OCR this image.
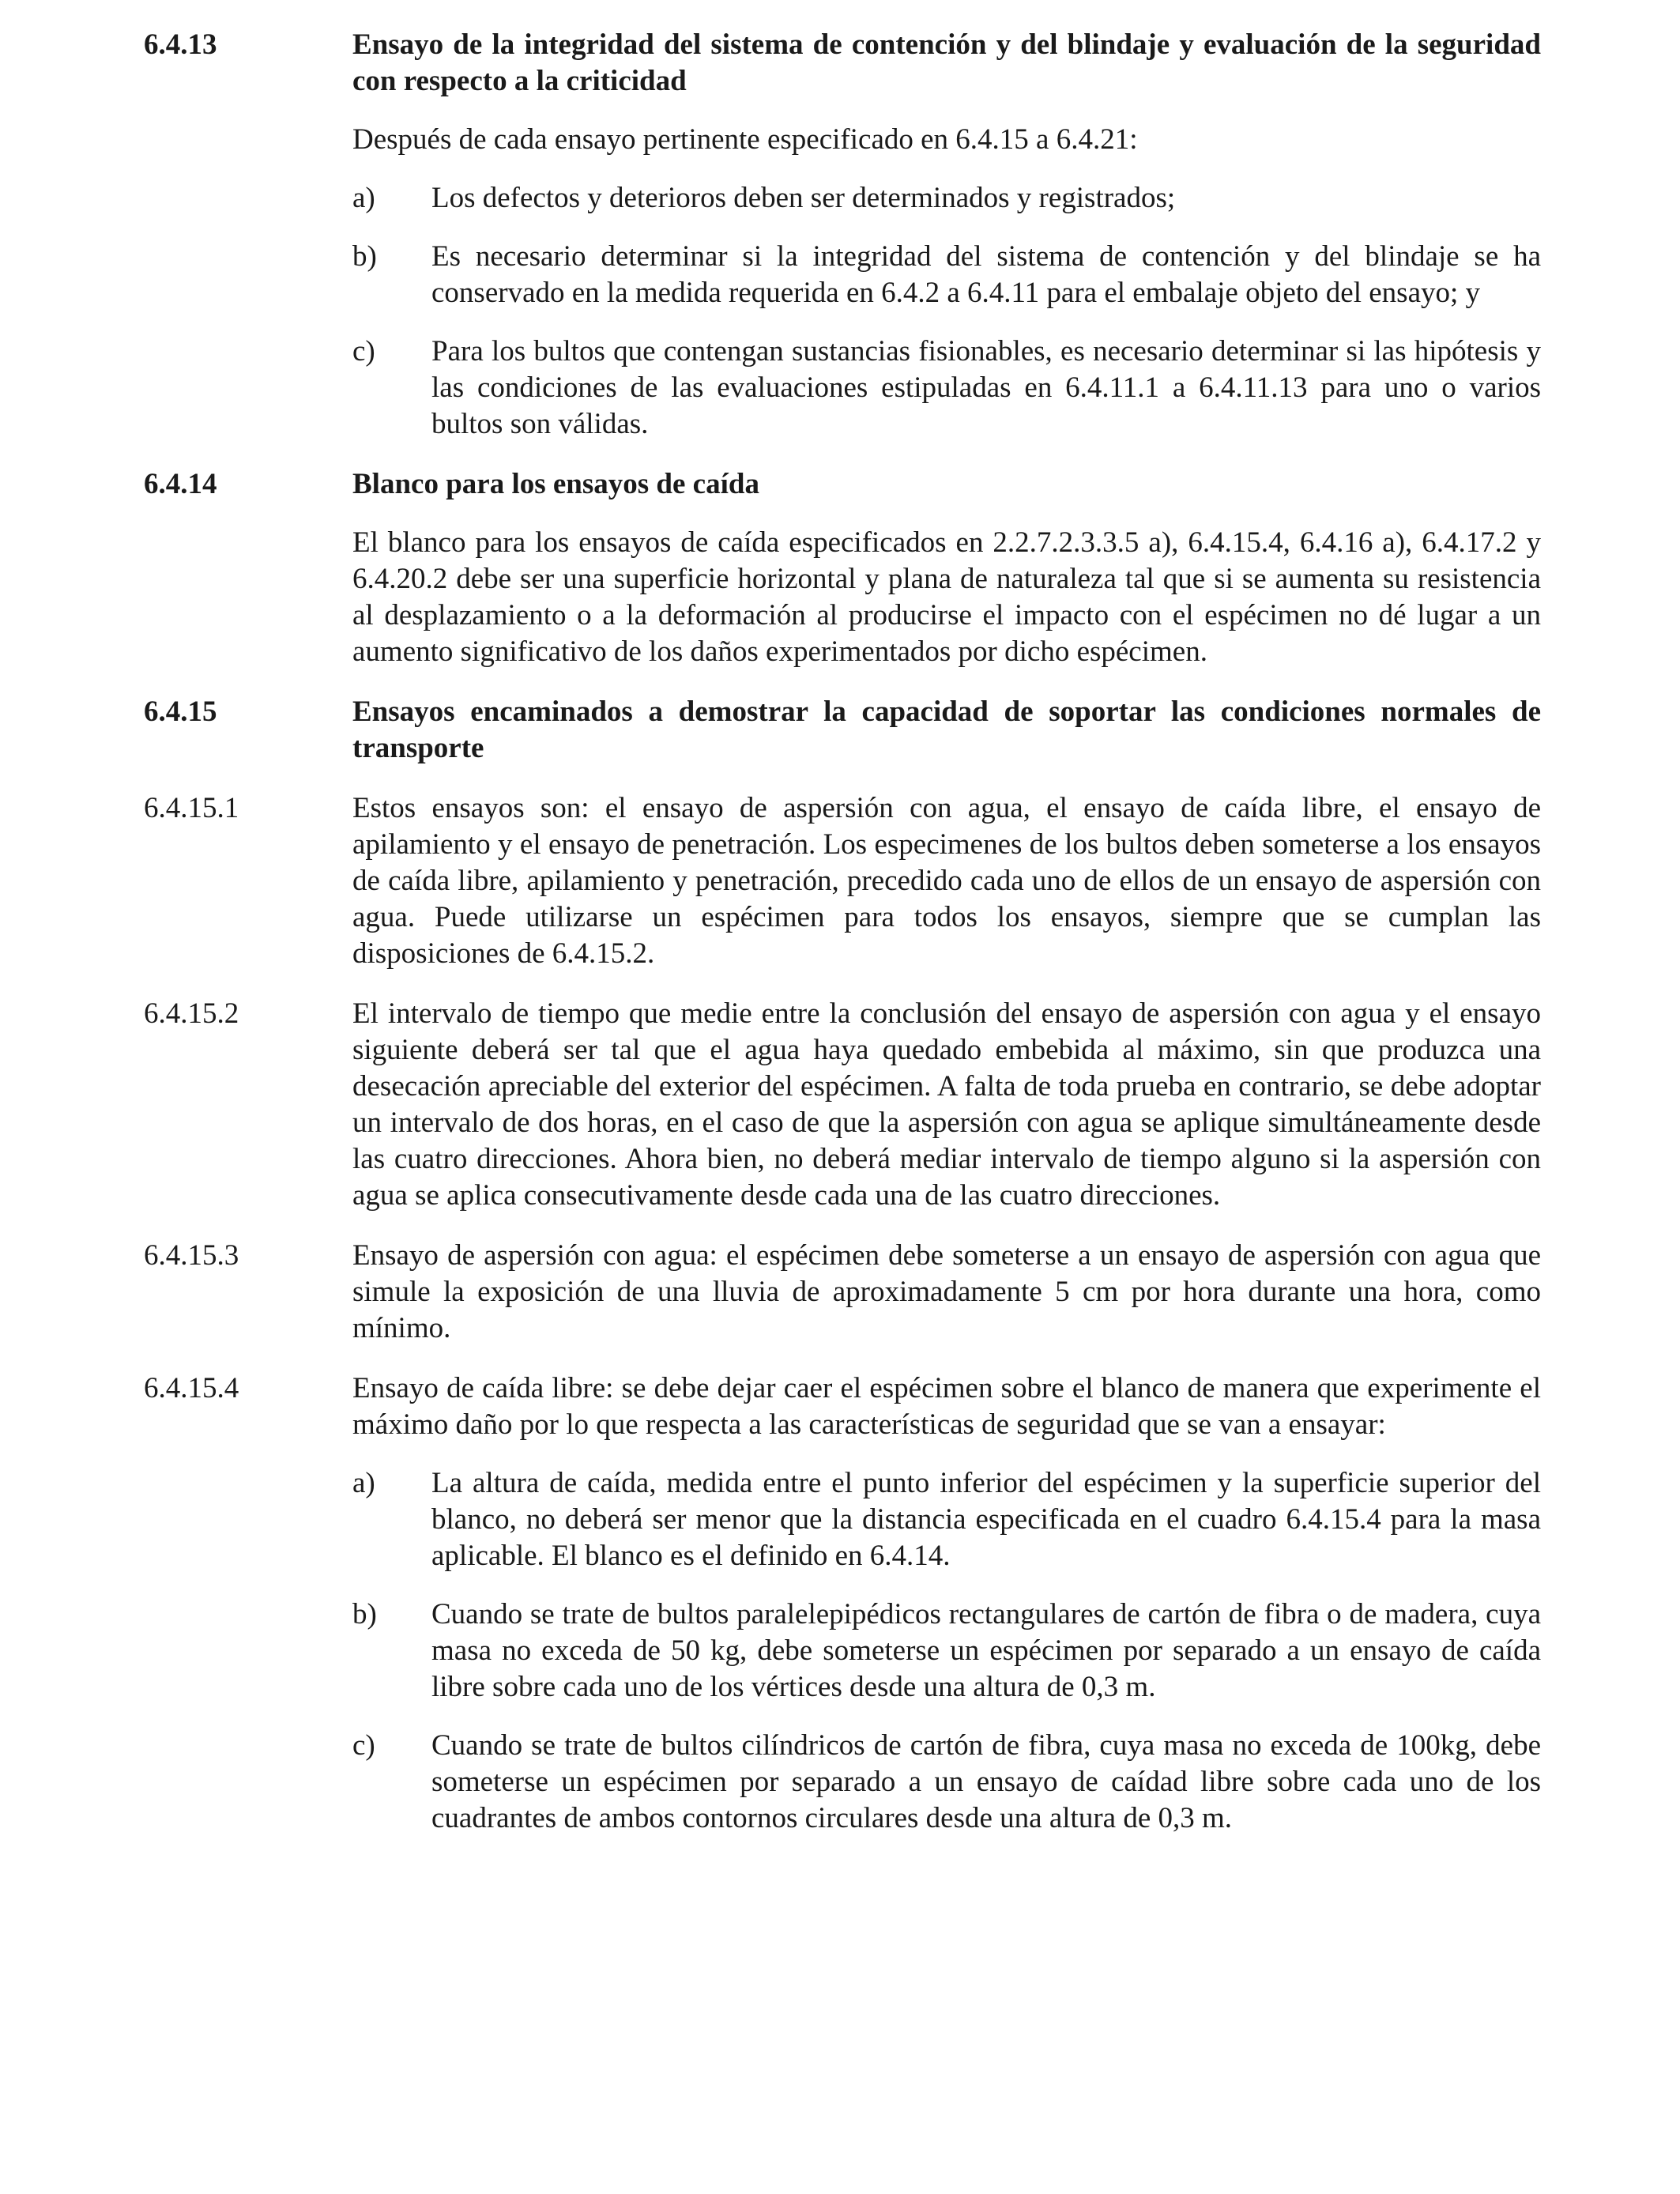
6.4.13	Ensayo de la integridad del sistema de contención y del blindaje y evaluación de la seguridad con respecto a la criticidad
Después de cada ensayo pertinente especificado en 6.4.15 a 6.4.21:
a)	Los defectos y deterioros deben ser determinados y registrados;
b)	Es necesario determinar si la integridad del sistema de contención y del blindaje se ha conservado en la medida requerida en 6.4.2 a 6.4.11 para el embalaje objeto del ensayo; y
c)	Para los bultos que contengan sustancias fisionables, es necesario determinar si las hipótesis y las condiciones de las evaluaciones estipuladas en 6.4.11.1 a 6.4.11.13 para uno o varios bultos son válidas.
6.4.14	Blanco para los ensayos de caída
El blanco para los ensayos de caída especificados en 2.2.7.2.3.3.5 a), 6.4.15.4, 6.4.16 a), 6.4.17.2 y 6.4.20.2 debe ser una superficie horizontal y plana de naturaleza tal que si se aumenta su resistencia al desplazamiento o a la deformación al producirse el impacto con el espécimen no dé lugar a un aumento significativo de los daños experimentados por dicho espécimen.
6.4.15	Ensayos encaminados a demostrar la capacidad de soportar las condiciones normales de transporte
6.4.15.1	Estos ensayos son: el ensayo de aspersión con agua, el ensayo de caída libre, el ensayo de apilamiento y el ensayo de penetración. Los especimenes de los bultos deben someterse a los ensayos de caída libre, apilamiento y penetración, precedido cada uno de ellos de un ensayo de aspersión con agua. Puede utilizarse un espécimen para todos los ensayos, siempre que se cumplan las disposiciones de 6.4.15.2.
6.4.15.2	El intervalo de tiempo que medie entre la conclusión del ensayo de aspersión con agua y el ensayo siguiente deberá ser tal que el agua haya quedado embebida al máximo, sin que produzca una desecación apreciable del exterior del espécimen. A falta de toda prueba en contrario, se debe adoptar un intervalo de dos horas, en el caso de que la aspersión con agua se aplique simultáneamente desde las cuatro direcciones. Ahora bien, no deberá mediar intervalo de tiempo alguno si la aspersión con agua se aplica consecutivamente desde cada una de las cuatro direcciones.
6.4.15.3	Ensayo de aspersión con agua: el espécimen debe someterse a un ensayo de aspersión con agua que simule la exposición de una lluvia de aproximadamente 5 cm por hora durante una hora, como mínimo.
6.4.15.4	Ensayo de caída libre: se debe dejar caer el espécimen sobre el blanco de manera que experimente el máximo daño por lo que respecta a las características de seguridad que se van a ensayar:
a)	La altura de caída, medida entre el punto inferior del espécimen y la superficie superior del blanco, no deberá ser menor que la distancia especificada en el cuadro 6.4.15.4 para la masa aplicable. El blanco es el definido en 6.4.14.
b)	Cuando se trate de bultos paralelepipédicos rectangulares de cartón de fibra o de madera, cuya masa no exceda de 50 kg, debe someterse un espécimen por separado a un ensayo de caída libre sobre cada uno de los vértices desde una altura de 0,3 m.
c)	Cuando se trate de bultos cilíndricos de cartón de fibra, cuya masa no exceda de 100kg, debe someterse un espécimen por separado a un ensayo de caídad libre sobre cada uno de los cuadrantes de ambos contornos circulares desde una altura de 0,3 m.
